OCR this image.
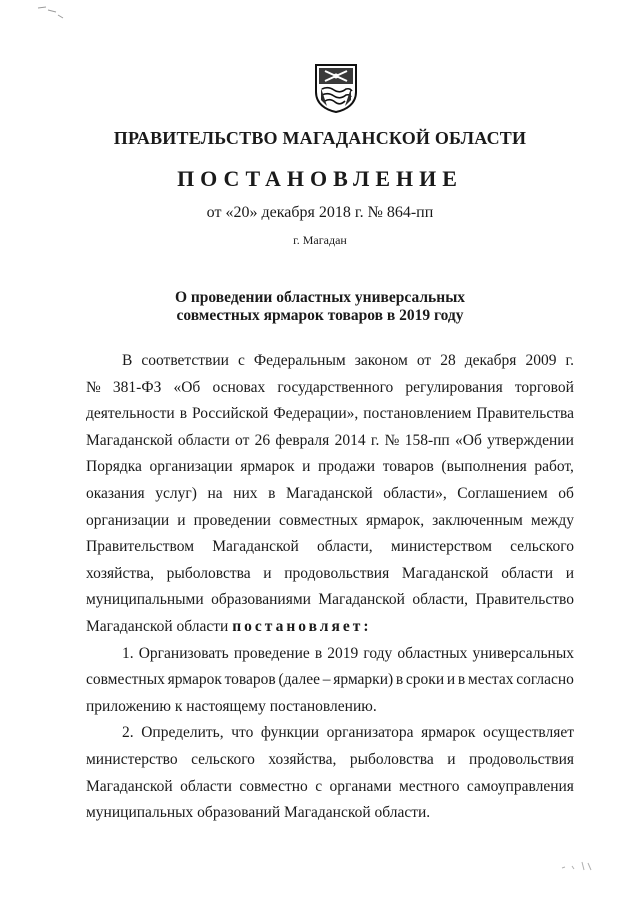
ПРАВИТЕЛЬСТВО МАГАДАНСКОЙ ОБЛАСТИ
ПОСТАНОВЛЕНИЕ
от «20» декабря 2018 г. № 864-пп
г. Магадан
О проведении областных универсальных
совместных ярмарок товаров в 2019 году
В соответствии с Федеральным законом от 28 декабря 2009 г.
№ 381-ФЗ «Об основах государственного регулирования торговой
деятельности в Российской Федерации», постановлением Правительства
Магаданской области от 26 февраля 2014 г. № 158-пп «Об утверждении
Порядка организации ярмарок и продажи товаров (выполнения работ,
оказания услуг) на них в Магаданской области», Соглашением об
организации и проведении совместных ярмарок, заключенным между
Правительством Магаданской области, министерством сельского
хозяйства, рыболовства и продовольствия Магаданской области и
муниципальными образованиями Магаданской области, Правительство
Магаданской области
постановляет :
1. Организовать проведение в 2019 году областных универсальных
совместных ярмарок товаров (далее – ярмарки) в сроки и в местах согласно
приложению к настоящему постановлению.
2. Определить, что функции организатора ярмарок осуществляет
министерство сельского хозяйства, рыболовства и продовольствия
Магаданской области совместно с органами местного самоуправления
муниципальных образований Магаданской области.
